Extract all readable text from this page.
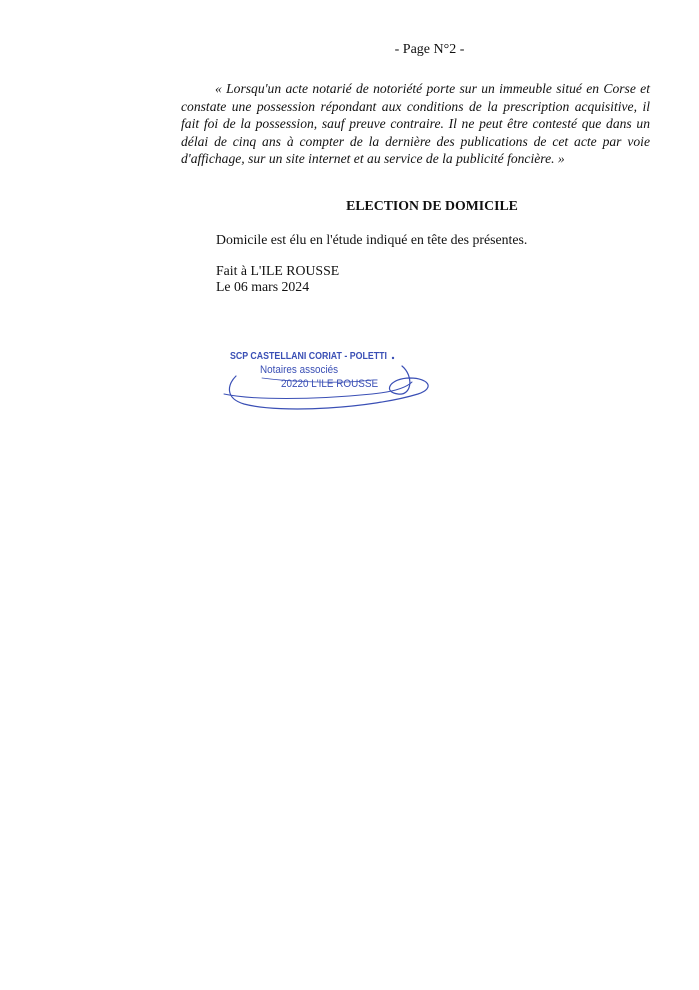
- Page N°2 -

« Lorsqu'un acte notarié de notoriété porte sur un immeuble situé en Corse et constate une possession répondant aux conditions de la prescription acquisitive, il fait foi de la possession, sauf preuve contraire. Il ne peut être contesté que dans un délai de cinq ans à compter de la dernière des publications de cet acte par voie d'affichage, sur un site internet et au service de la publicité foncière. »

ELECTION DE DOMICILE

Domicile est élu en l'étude indiqué en tête des présentes.

Fait à L'ILE ROUSSE

Le 06 mars 2024

SCP CASTELLANI CORIAT - POLETTI

Notaires associés

20220 L'ILE ROUSSE
